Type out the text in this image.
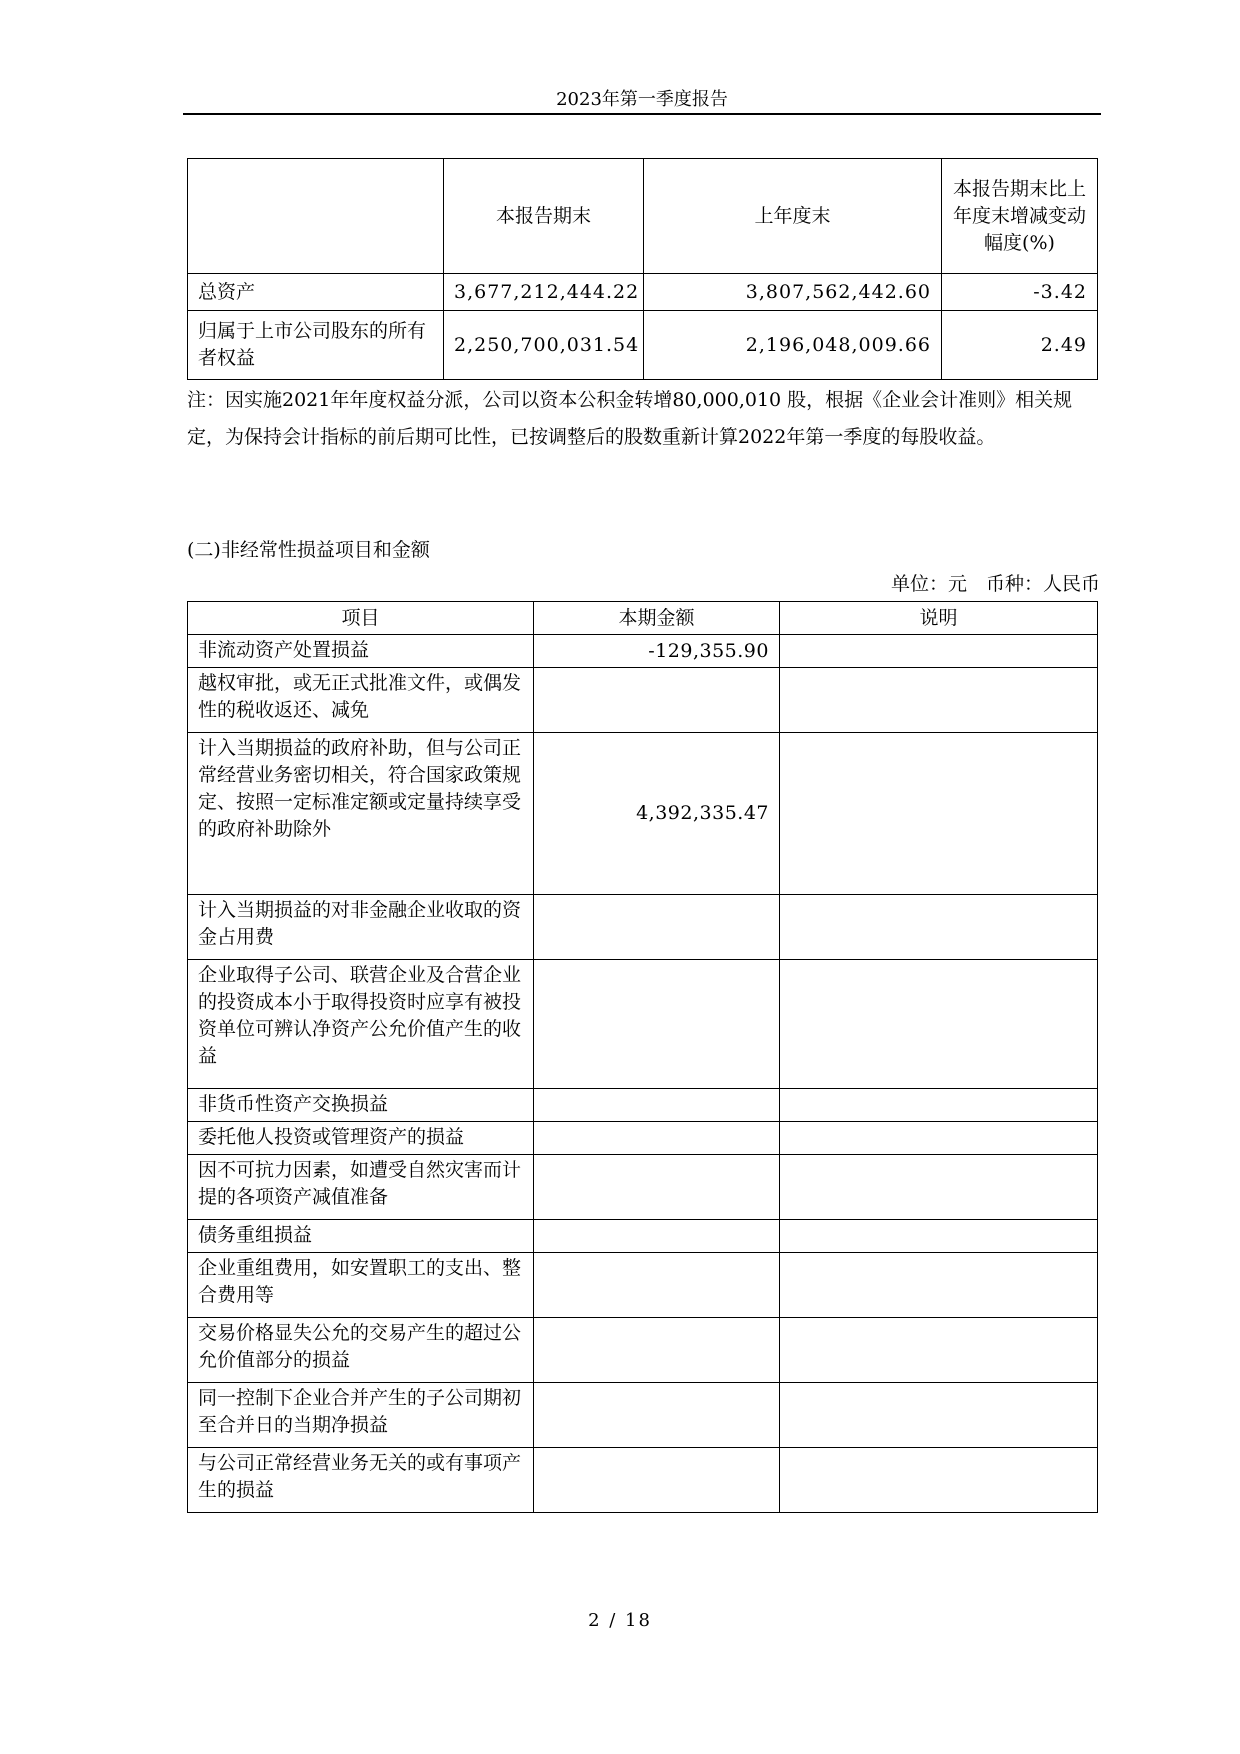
2023年第一季度报告
	本报告期末	上年度末	本报告期末比上年度末增减变动幅度(%)
总资产	3,677,212,444.22	3,807,562,442.60	-3.42
归属于上市公司股东的所有者权益	2,250,700,031.54	2,196,048,009.66	2.49
注：因实施2021年年度权益分派，公司以资本公积金转增80,000,010 股，根据《企业会计准则》相关规定，为保持会计指标的前后期可比性，已按调整后的股数重新计算2022年第一季度的每股收益。
(二)非经常性损益项目和金额
单位：元　币种：人民币
项目	本期金额	说明
非流动资产处置损益	-129,355.90	
越权审批，或无正式批准文件，或偶发性的税收返还、减免		
计入当期损益的政府补助，但与公司正常经营业务密切相关，符合国家政策规定、按照一定标准定额或定量持续享受的政府补助除外	4,392,335.47	
计入当期损益的对非金融企业收取的资金占用费		
企业取得子公司、联营企业及合营企业的投资成本小于取得投资时应享有被投资单位可辨认净资产公允价值产生的收益		
非货币性资产交换损益		
委托他人投资或管理资产的损益		
因不可抗力因素，如遭受自然灾害而计提的各项资产减值准备		
债务重组损益		
企业重组费用，如安置职工的支出、整合费用等		
交易价格显失公允的交易产生的超过公允价值部分的损益		
同一控制下企业合并产生的子公司期初至合并日的当期净损益		
与公司正常经营业务无关的或有事项产生的损益		
2 / 18
